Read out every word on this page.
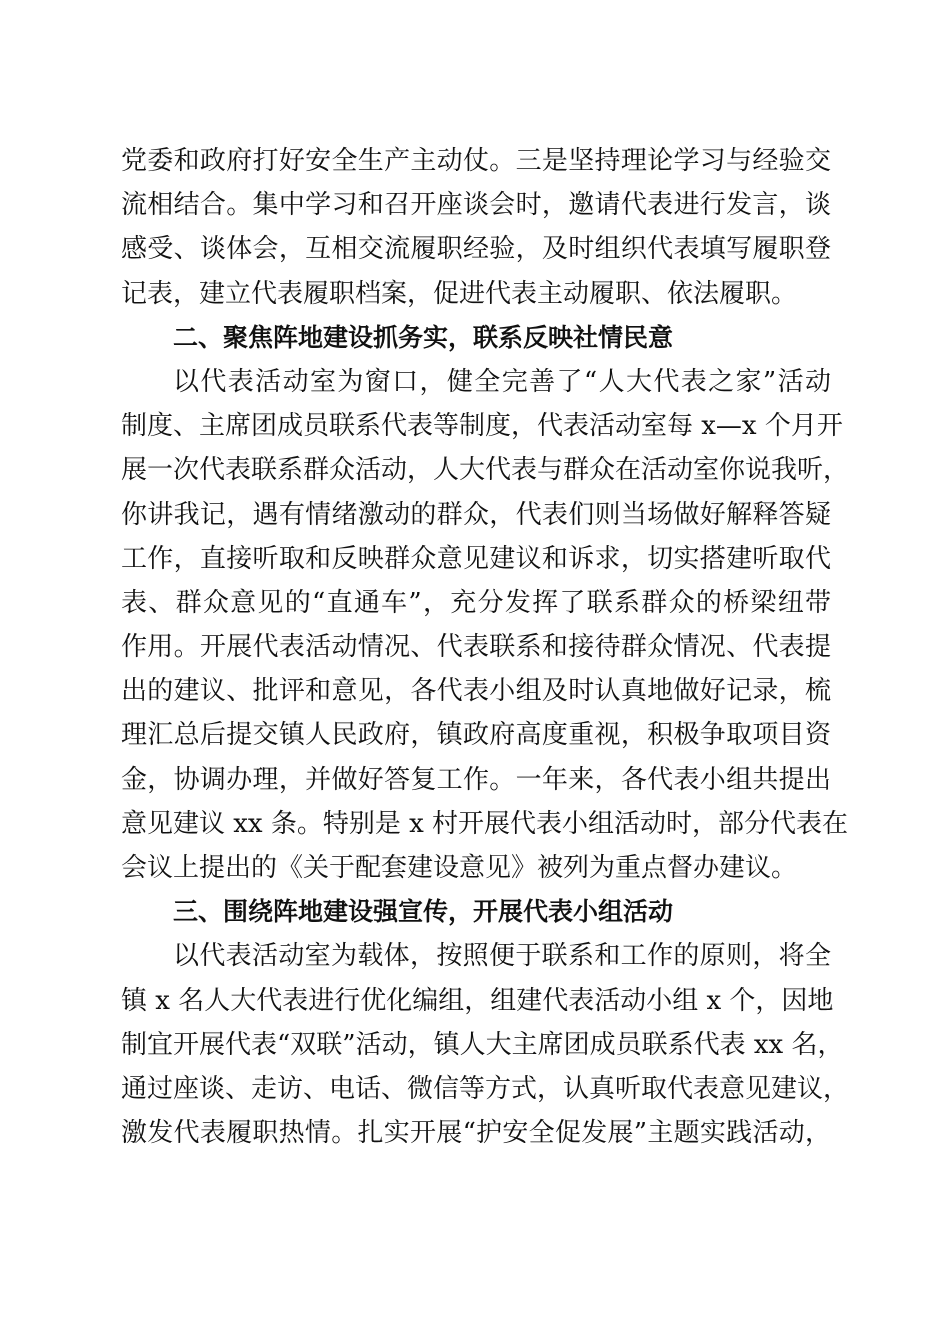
党委和政府打好安全生产主动仗。三是坚持理论学习与经验交
流相结合。集中学习和召开座谈会时，邀请代表进行发言，谈
感受、谈体会，互相交流履职经验，及时组织代表填写履职登
记表，建立代表履职档案，促进代表主动履职、依法履职。
二、聚焦阵地建设抓务实，联系反映社情民意
以代表活动室为窗口，健全完善了“人大代表之家”活动
制度、主席团成员联系代表等制度，代表活动室每 x—x 个月开
展一次代表联系群众活动，人大代表与群众在活动室你说我听，
你讲我记，遇有情绪激动的群众，代表们则当场做好解释答疑
工作，直接听取和反映群众意见建议和诉求，切实搭建听取代
表、群众意见的“直通车”，充分发挥了联系群众的桥梁纽带
作用。开展代表活动情况、代表联系和接待群众情况、代表提
出的建议、批评和意见，各代表小组及时认真地做好记录，梳
理汇总后提交镇人民政府，镇政府高度重视，积极争取项目资
金，协调办理，并做好答复工作。一年来，各代表小组共提出
意见建议 xx 条。特别是 x 村开展代表小组活动时，部分代表在
会议上提出的《关于配套建设意见》被列为重点督办建议。
三、围绕阵地建设强宣传，开展代表小组活动
以代表活动室为载体，按照便于联系和工作的原则，将全
镇 x 名人大代表进行优化编组，组建代表活动小组 x 个，因地
制宜开展代表“双联”活动，镇人大主席团成员联系代表 xx 名，
通过座谈、走访、电话、微信等方式，认真听取代表意见建议，
激发代表履职热情。扎实开展“护安全促发展”主题实践活动，
